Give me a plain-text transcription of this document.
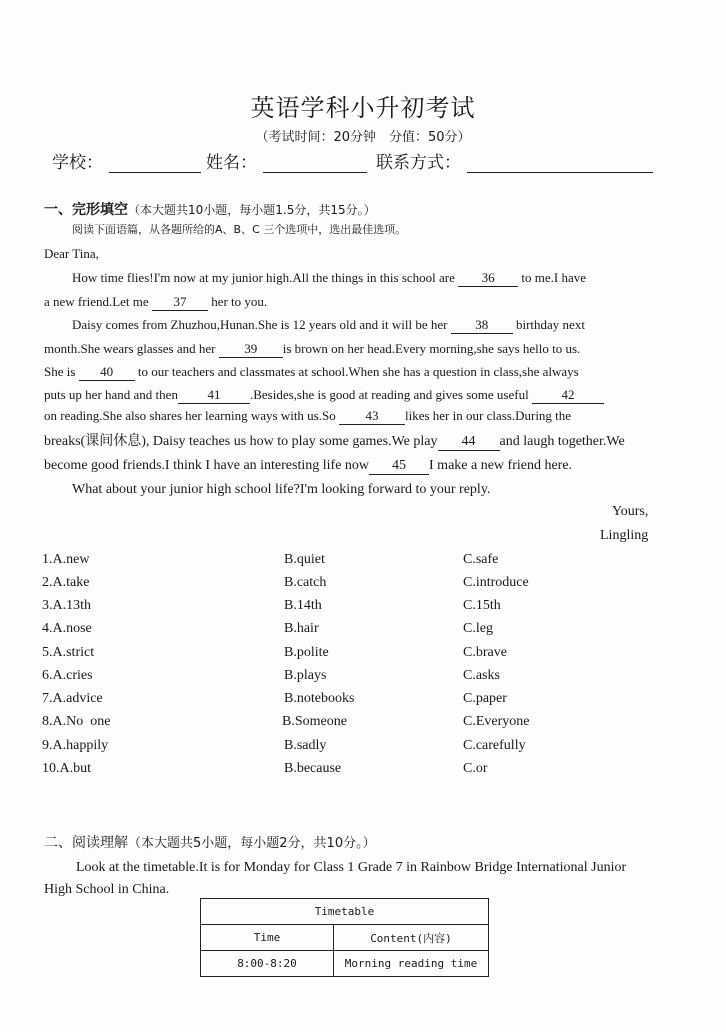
英语学科小升初考试
（考试时间：20分钟　分值：50分）
学校：	姓名：	联系方式：
一、完形填空（本大题共10小题，每小题1.5分，共15分。）
阅读下面语篇，从各题所给的A、B、C 三个选项中，选出最佳选项。
Dear Tina,
How time flies!I'm now at my junior high.All the things in this school are 36 to me.I have
a new friend.Let me 37 her to you.
Daisy comes from Zhuzhou,Hunan.She is 12 years old and it will be her 38 birthday next
month.She wears glasses and her 39 is brown on her head.Every morning,she says hello to us.
She is 40 to our teachers and classmates at school.When she has a question in class,she always
puts up her hand and then 41 .Besides,she is good at reading and gives some useful 42
on reading.She also shares her learning ways with us.So 43 likes her in our class.During the
breaks(课间休息), Daisy teaches us how to play some games.We play 44 and laugh together.We
become good friends.I think I have an interesting life now 45 I make a new friend here.
What about your junior high school life?I'm looking forward to your reply.
Yours,
Lingling
1.A.new	B.quiet	C.safe
2.A.take	B.catch	C.introduce
3.A.13th	B.14th	C.15th
4.A.nose	B.hair	C.leg
5.A.strict	B.polite	C.brave
6.A.cries	B.plays	C.asks
7.A.advice	B.notebooks	C.paper
8.A.No  one	B.Someone	C.Everyone
9.A.happily	B.sadly	C.carefully
10.A.but	B.because	C.or
二、阅读理解（本大题共5小题，每小题2分，共10分。）
Look at the timetable.It is for Monday for Class 1 Grade 7 in Rainbow Bridge International Junior
High School in China.
Timetable	
Time	Content(内容)
8:00-8:20	Morning reading time
